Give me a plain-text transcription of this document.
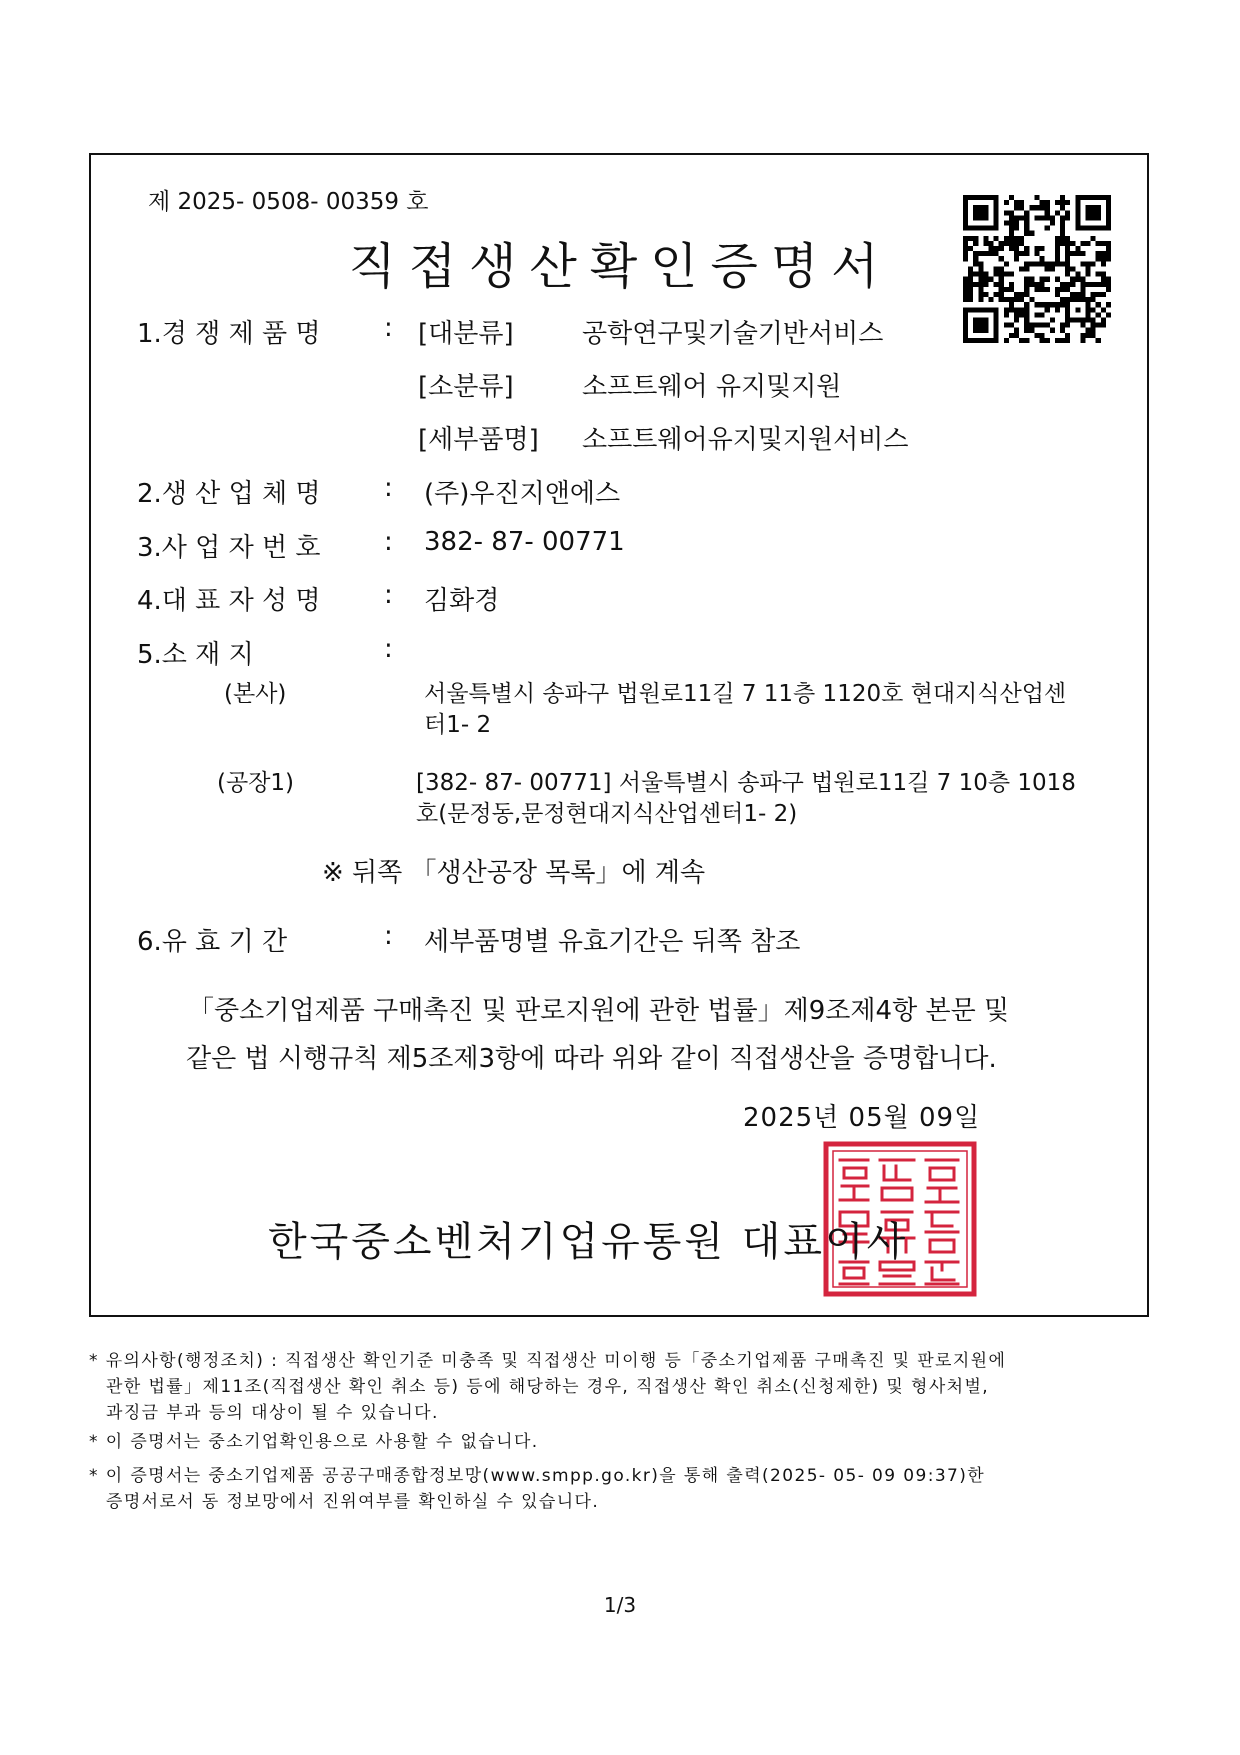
제 2025- 0508- 00359 호
직접생산확인증명서
1.경 쟁 제 품 명 : [대분류]	공학연구및기술기반서비스
[소분류]	소프트웨어 유지및지원
[세부품명] 소프트웨어유지및지원서비스
2.생 산 업 체 명 : (주)우진지앤에스
3.사 업 자 번 호 : 382- 87- 00771
4.대 표 자 성 명 : 김화경
5.소 재 지	:
(본사)	서울특별시 송파구 법원로11길 7 11층 1120호 현대지식산업센
터1- 2
(공장1)	[382- 87- 00771] 서울특별시 송파구 법원로11길 7 10층 1018
호(문정동,문정현대지식산업센터1- 2)
※ 뒤쪽 「생산공장 목록」에 계속
6.유 효 기 간	: 세부품명별 유효기간은 뒤쪽 참조
「중소기업제품 구매촉진 및 판로지원에 관한 법률」제9조제4항 본문 및
같은 법 시행규칙 제5조제3항에 따라 위와 같이 직접생산을 증명합니다.
2025년 05월 09일
한국중소벤처기업유통원 대표이사
* 유의사항(행정조치) : 직접생산 확인기준 미충족 및 직접생산 미이행 등「중소기업제품 구매촉진 및 판로지원에
관한 법률」제11조(직접생산 확인 취소 등) 등에 해당하는 경우, 직접생산 확인 취소(신청제한) 및 형사처벌,
과징금 부과 등의 대상이 될 수 있습니다.
* 이 증명서는 중소기업확인용으로 사용할 수 없습니다.
* 이 증명서는 중소기업제품 공공구매종합정보망(www.smpp.go.kr)을 통해 출력(2025- 05- 09 09:37)한
증명서로서 동 정보망에서 진위여부를 확인하실 수 있습니다.
1/3
